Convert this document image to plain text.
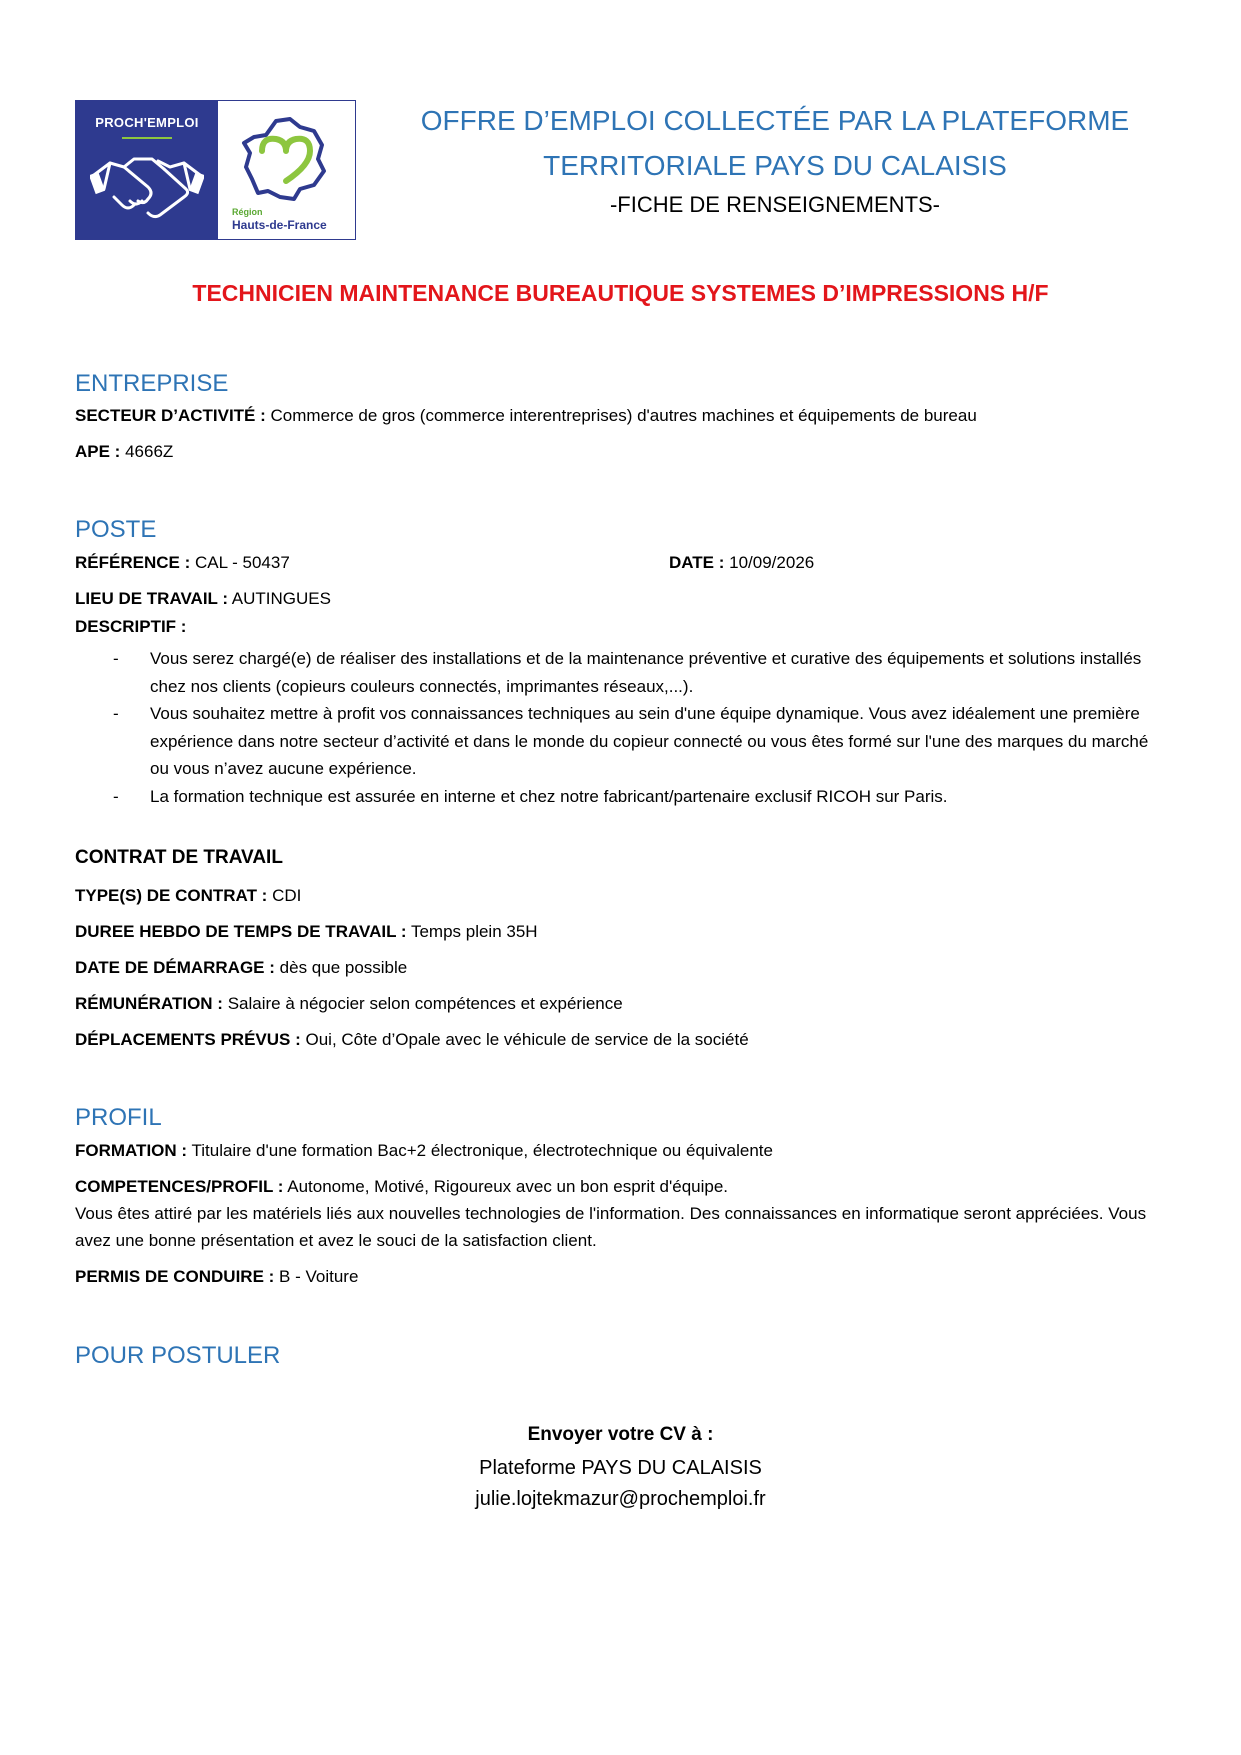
PROCH'EMPLOI
Région
Hauts-de-France
OFFRE D’EMPLOI COLLECTÉE PAR LA PLATEFORME
TERRITORIALE PAYS DU CALAISIS
-FICHE DE RENSEIGNEMENTS-
TECHNICIEN MAINTENANCE BUREAUTIQUE SYSTEMES D’IMPRESSIONS H/F
ENTREPRISE
SECTEUR D’ACTIVITÉ : Commerce de gros (commerce interentreprises) d'autres machines et équipements de bureau
APE : 4666Z
POSTE
RÉFÉRENCE : CAL - 50437	DATE : 10/09/2026
LIEU DE TRAVAIL : AUTINGUES
DESCRIPTIF :
-	Vous serez chargé(e) de réaliser des installations et de la maintenance préventive et curative des équipements et solutions installés chez nos clients (copieurs couleurs connectés, imprimantes réseaux,...).
-	Vous souhaitez mettre à profit vos connaissances techniques au sein d'une équipe dynamique. Vous avez idéalement une première expérience dans notre secteur d’activité et dans le monde du copieur connecté ou vous êtes formé sur l'une des marques du marché ou vous n’avez aucune expérience.
-	La formation technique est assurée en interne et chez notre fabricant/partenaire exclusif RICOH sur Paris.
CONTRAT DE TRAVAIL
TYPE(S) DE CONTRAT : CDI
DUREE HEBDO DE TEMPS DE TRAVAIL : Temps plein 35H
DATE DE DÉMARRAGE : dès que possible
RÉMUNÉRATION : Salaire à négocier selon compétences et expérience
DÉPLACEMENTS PRÉVUS : Oui, Côte d’Opale avec le véhicule de service de la société
PROFIL
FORMATION : Titulaire d'une formation Bac+2 électronique, électrotechnique ou équivalente
COMPETENCES/PROFIL : Autonome, Motivé, Rigoureux avec un bon esprit d'équipe.
Vous êtes attiré par les matériels liés aux nouvelles technologies de l'information. Des connaissances en informatique seront appréciées. Vous avez une bonne présentation et avez le souci de la satisfaction client.
PERMIS DE CONDUIRE : B - Voiture
POUR POSTULER
Envoyer votre CV à :
Plateforme PAYS DU CALAISIS
julie.lojtekmazur@prochemploi.fr
